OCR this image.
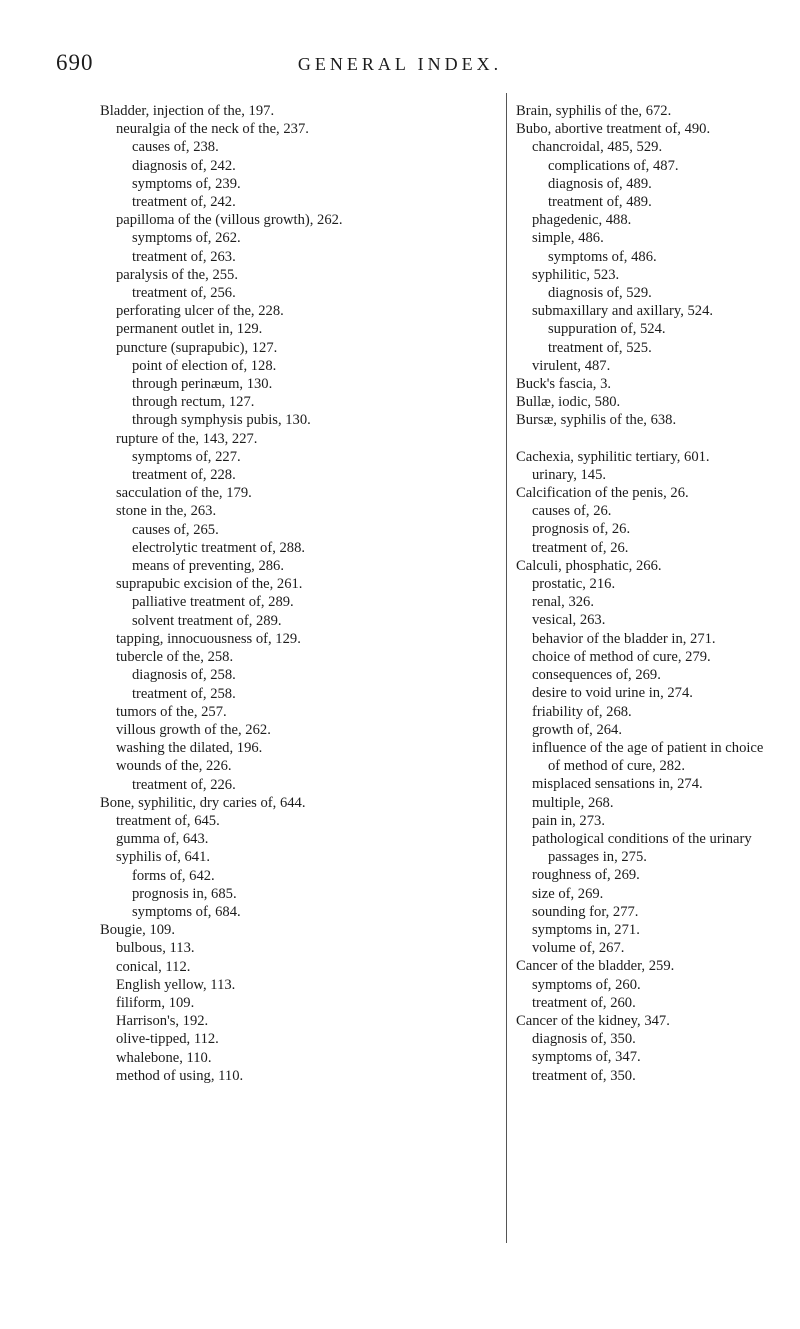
690	GENERAL INDEX.
Bladder, injection of the, 197.
neuralgia of the neck of the, 237.
causes of, 238.
diagnosis of, 242.
symptoms of, 239.
treatment of, 242.
papilloma of the (villous growth), 262.
symptoms of, 262.
treatment of, 263.
paralysis of the, 255.
treatment of, 256.
perforating ulcer of the, 228.
permanent outlet in, 129.
puncture (suprapubic), 127.
point of election of, 128.
through perinæum, 130.
through rectum, 127.
through symphysis pubis, 130.
rupture of the, 143, 227.
symptoms of, 227.
treatment of, 228.
sacculation of the, 179.
stone in the, 263.
causes of, 265.
electrolytic treatment of, 288.
means of preventing, 286.
suprapubic excision of the, 261.
palliative treatment of, 289.
solvent treatment of, 289.
tapping, innocuousness of, 129.
tubercle of the, 258.
diagnosis of, 258.
treatment of, 258.
tumors of the, 257.
villous growth of the, 262.
washing the dilated, 196.
wounds of the, 226.
treatment of, 226.
Bone, syphilitic, dry caries of, 644.
treatment of, 645.
gumma of, 643.
syphilis of, 641.
forms of, 642.
prognosis in, 685.
symptoms of, 684.
Bougie, 109.
bulbous, 113.
conical, 112.
English yellow, 113.
filiform, 109.
Harrison's, 192.
olive-tipped, 112.
whalebone, 110.
method of using, 110.
Brain, syphilis of the, 672.
Bubo, abortive treatment of, 490.
chancroidal, 485, 529.
complications of, 487.
diagnosis of, 489.
treatment of, 489.
phagedenic, 488.
simple, 486.
symptoms of, 486.
syphilitic, 523.
diagnosis of, 529.
submaxillary and axillary, 524.
suppuration of, 524.
treatment of, 525.
virulent, 487.
Buck's fascia, 3.
Bullæ, iodic, 580.
Bursæ, syphilis of the, 638.
Cachexia, syphilitic tertiary, 601.
urinary, 145.
Calcification of the penis, 26.
causes of, 26.
prognosis of, 26.
treatment of, 26.
Calculi, phosphatic, 266.
prostatic, 216.
renal, 326.
vesical, 263.
behavior of the bladder in, 271.
choice of method of cure, 279.
consequences of, 269.
desire to void urine in, 274.
friability of, 268.
growth of, 264.
influence of the age of patient in choice
of method of cure, 282.
misplaced sensations in, 274.
multiple, 268.
pain in, 273.
pathological conditions of the urinary
passages in, 275.
roughness of, 269.
size of, 269.
sounding for, 277.
symptoms in, 271.
volume of, 267.
Cancer of the bladder, 259.
symptoms of, 260.
treatment of, 260.
Cancer of the kidney, 347.
diagnosis of, 350.
symptoms of, 347.
treatment of, 350.
